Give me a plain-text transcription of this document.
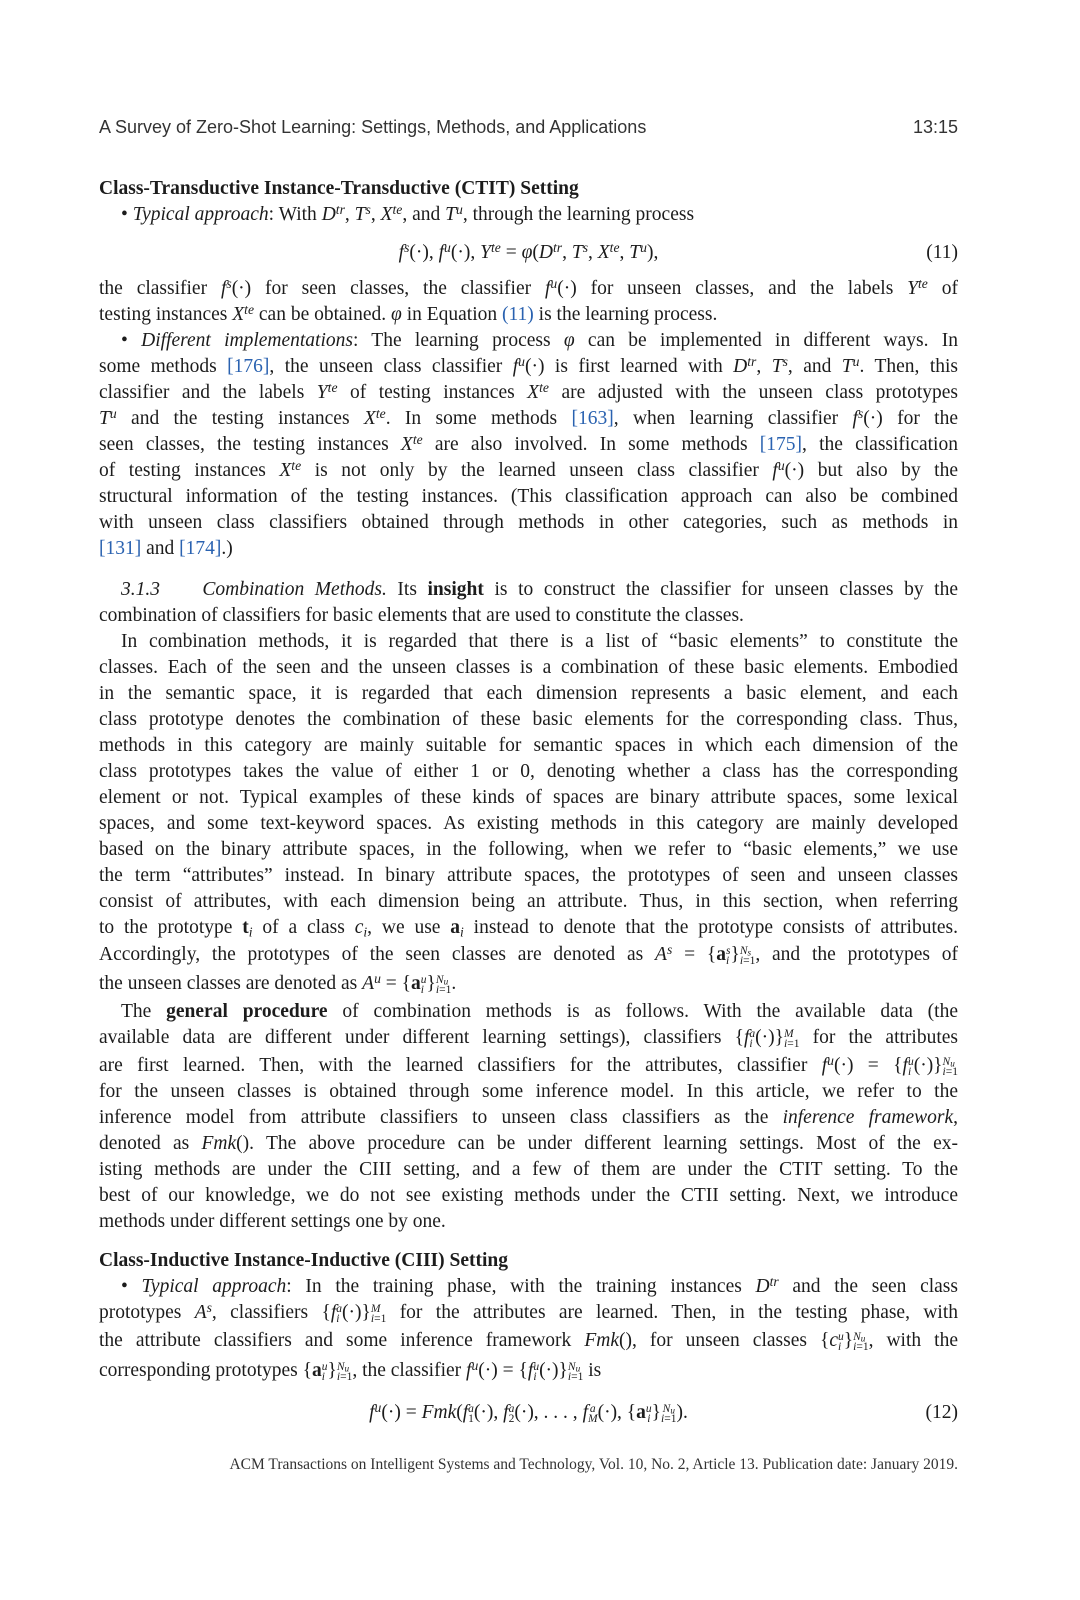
A Survey of Zero-Shot Learning: Settings, Methods, and Applications	13:15
Class-Transductive Instance-Transductive (CTIT) Setting
• Typical approach: With $D^{tr}$, $T^s$, $X^{te}$, and $T^u$, through the learning process
$f^s(\cdot)$, $f^u(\cdot)$, $Y^{te} = \varphi(D^{tr}$, $T^s$, $X^{te}$, $T^u$),	(11)
the classifier $f^s(\cdot)$ for seen classes, the classifier $f^u(\cdot)$ for unseen classes, and the labels $Y^{te}$ of
testing instances $X^{te}$ can be obtained. φ in Equation (11) is the learning process.
• Different implementations: The learning process φ can be implemented in different ways. In
some methods [176], the unseen class classifier $f^u(\cdot)$ is first learned with $D^{tr}$, $T^s$, and $T^u$. Then, this
classifier and the labels $Y^{te}$ of testing instances $X^{te}$ are adjusted with the unseen class prototypes
$T^u$ and the testing instances $X^{te}$. In some methods [163], when learning classifier $f^s(\cdot)$ for the
seen classes, the testing instances $X^{te}$ are also involved. In some methods [175], the classification
of testing instances $X^{te}$ is not only by the learned unseen class classifier $f^u(\cdot)$ but also by the
structural information of the testing instances. (This classification approach can also be combined
with unseen class classifiers obtained through methods in other categories, such as methods in
[131] and [174].)
3.1.3    Combination Methods. Its insight is to construct the classifier for unseen classes by the
combination of classifiers for basic elements that are used to constitute the classes.
In combination methods, it is regarded that there is a list of “basic elements” to constitute the
classes. Each of the seen and the unseen classes is a combination of these basic elements. Embodied
in the semantic space, it is regarded that each dimension represents a basic element, and each
class prototype denotes the combination of these basic elements for the corresponding class. Thus,
methods in this category are mainly suitable for semantic spaces in which each dimension of the
class prototypes takes the value of either 1 or 0, denoting whether a class has the corresponding
element or not. Typical examples of these kinds of spaces are binary attribute spaces, some lexical
spaces, and some text-keyword spaces. As existing methods in this category are mainly developed
based on the binary attribute spaces, in the following, when we refer to “basic elements,” we use
the term “attributes” instead. In binary attribute spaces, the prototypes of seen and unseen classes
consist of attributes, with each dimension being an attribute. Thus, in this section, when referring
to the prototype $t_i$ of a class $c_i$, we use $a_i$ instead to denote that the prototype consists of attributes.
Accordingly, the prototypes of the seen classes are denoted as $A^s = \{a$ s
i } $N_s$
i=1 , and the prototypes of
the unseen classes are denoted as $A^u = \{a$ u
i } $N_u$
i=1 .
The general procedure of combination methods is as follows. With the available data (the
available data are different under different learning settings), classifiers {f a
i (·)} M
i=1 for the attributes
are first learned. Then, with the learned classifiers for the attributes, classifier $f^u(\cdot) = \{f$ u
i (·)} $N_u$
i=1
for the unseen classes is obtained through some inference model. In this article, we refer to the
inference model from attribute classifiers to unseen class classifiers as the inference framework,
denoted as Fmk(). The above procedure can be under different learning settings. Most of the ex-
isting methods are under the CIII setting, and a few of them are under the CTIT setting. To the
best of our knowledge, we do not see existing methods under the CTII setting. Next, we introduce
methods under different settings one by one.
Class-Inductive Instance-Inductive (CIII) Setting
• Typical approach: In the training phase, with the training instances $D^{tr}$ and the seen class
prototypes $A^s$, classifiers {f a
i (·)} M
i=1 for the attributes are learned. Then, in the testing phase, with
the attribute classifiers and some inference framework Fmk(), for unseen classes {c u
i } $N_u$
i=1 , with the
corresponding prototypes {a u
i } $N_u$
i=1 , the classifier $f^u(\cdot) = \{f$ u
i (·)} $N_u$
i=1 is
$f^u(\cdot) = Fmk(f$ a
1 (·), f a
2 (·), . . . , f a
M (·), {a u
i } $N_u$
i=1 ).	(12)
ACM Transactions on Intelligent Systems and Technology, Vol. 10, No. 2, Article 13. Publication date: January 2019.
